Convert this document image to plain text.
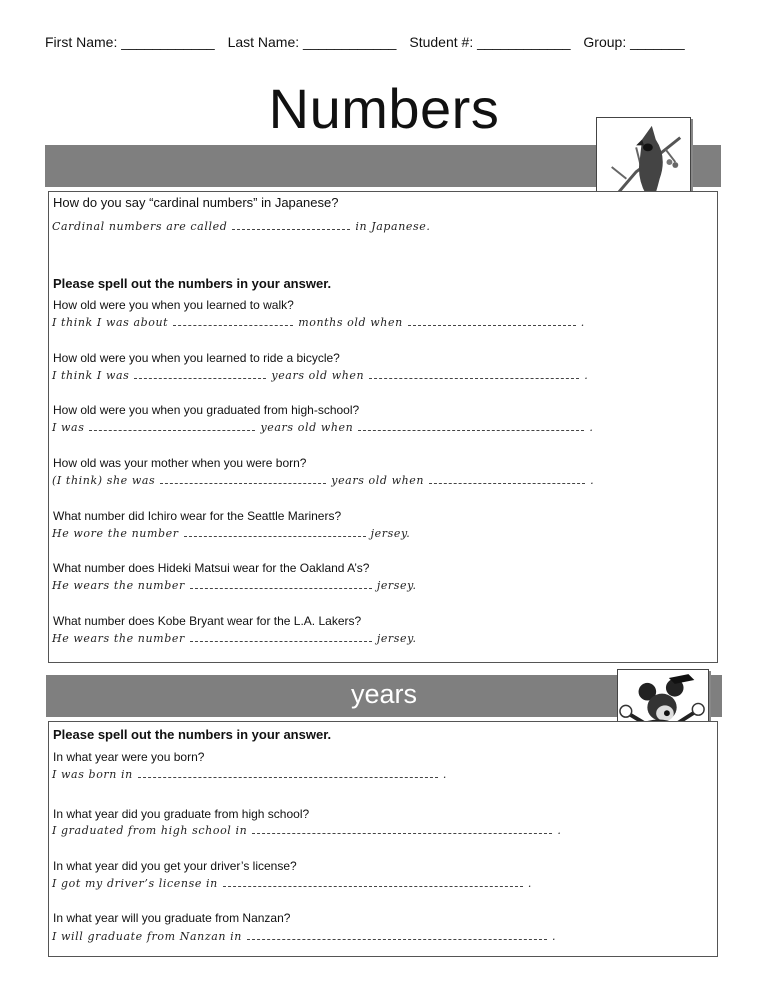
First Name: ____________ Last Name: ____________ Student #: ____________ Group: _______
Numbers
How do you say “cardinal numbers” in Japanese?
Cardinal numbers are called	in Japanese.
Please spell out the numbers in your answer.
How old were you when you learned to walk?
I think I was about	months old when	.
How old were you when you learned to ride a bicycle?
I think I was	years old when	.
How old were you when you graduated from high-school?
I was	years old when	.
How old was your mother when you were born?
(I think) she was	years old when	.
What number did Ichiro wear for the Seattle Mariners?
He wore the number	jersey.
What number does Hideki Matsui wear for the Oakland A’s?
He wears the number	jersey.
What number does Kobe Bryant wear for the L.A. Lakers?
He wears the number	jersey.
years
Please spell out the numbers in your answer.
In what year were you born?
I was born in	.
In what year did you graduate from high school?
I graduated from high school in	.
In what year did you get your driver’s license?
I got my driver’s license in	.
In what year will you graduate from Nanzan?
I will graduate from Nanzan in	.
